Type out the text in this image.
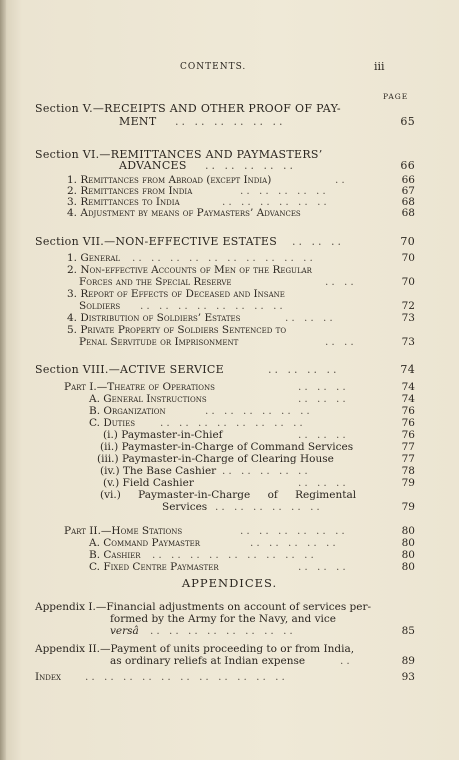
CONTENTS.	iii
PAGE
Section V.—RECEIPTS AND OTHER PROOF OF PAY-
MENT .. .. .. .. .. ..	65
Section VI.—REMITTANCES AND PAYMASTERS’
ADVANCES .. .. .. .. ..	66
1. Remittances from Abroad (except India)	..	66
2. Remittances from India	.. .. .. .. ..	67
3. Remittances to India	.. .. .. .. .. ..	68
4. Adjustment by means of Paymasters’ Advances	68
Section VII.—NON-EFFECTIVE ESTATES .. .. ..	70
1. General .. .. .. .. .. .. .. .. .. ..	70
2. Non-effective Accounts of Men of the Regular
Forces and the Special Reserve	.. ..	70
3. Report of Effects of Deceased and Insane
Soldiers .. .. .. .. .. .. .. ..	72
4. Distribution of Soldiers’ Estates	.. .. ..	73
5. Private Property of Soldiers Sentenced to
Penal Servitude or Imprisonment	.. ..	73
Section VIII.—ACTIVE SERVICE	.. .. .. ..	74
Part I.—Theatre of Operations	.. .. ..	74
A. General Instructions	.. .. ..	74
B. Organization	.. .. .. .. .. ..	76
C. Duties .. .. .. .. .. .. .. ..	76
(i.) Paymaster-in-Chief	.. .. ..	76
(ii.) Paymaster-in-Charge of Command Services	77
(iii.) Paymaster-in-Charge of Clearing House	77
(iv.) The Base Cashier .. .. .. .. ..	78
(v.) Field Cashier	.. .. ..	79
(vi.) Paymaster-in-Charge of Regimental
Services .. .. .. .. .. ..	79
Part II.—Home Stations	.. .. .. .. .. ..	80
A. Command Paymaster	.. .. .. .. ..	80
B. Cashier .. .. .. .. .. .. .. .. ..	80
C. Fixed Centre Paymaster	.. .. ..	80
APPENDICES.
Appendix I.—Financial adjustments on account of services per-
formed by the Army for the Navy, and vice
versâ .. .. .. .. .. .. .. ..	85
Appendix II.—Payment of units proceeding to or from India,
as ordinary reliefs at Indian expense	..	89
Index .. .. .. .. .. .. .. .. .. .. ..	93
